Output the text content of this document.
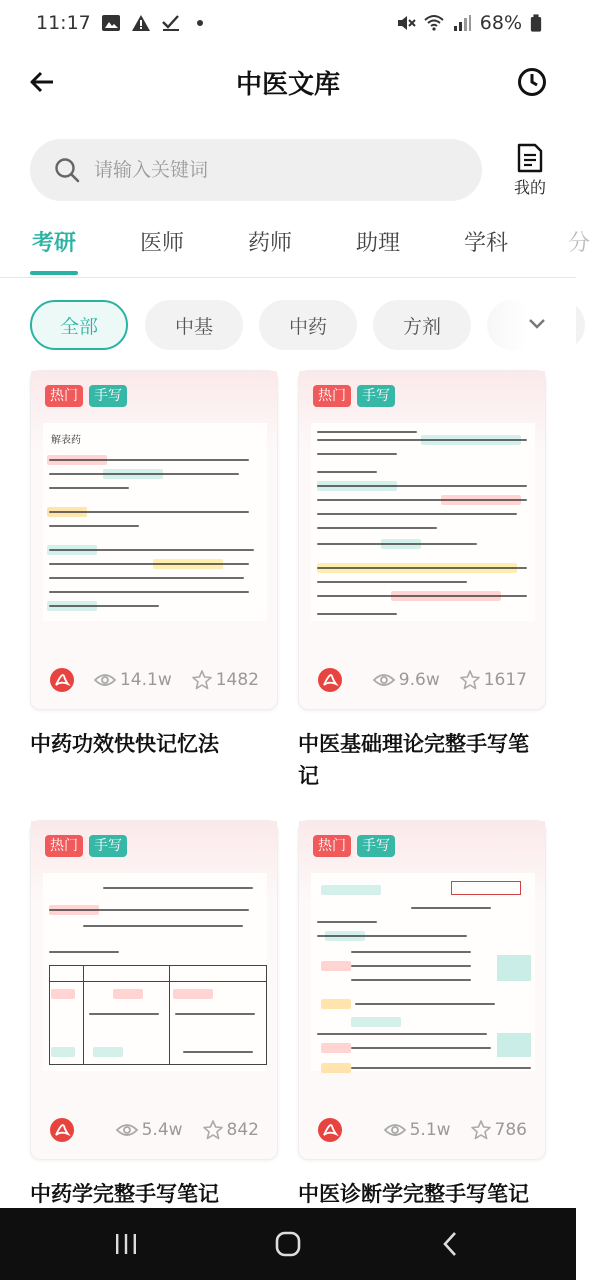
11:17	68%
中医文库
请输入关键词
我的
考研	医师	药师	助理	学科	分
全部	中基	中药	方剂
热门	手写
解表药
14.1w	1482
中药功效快快记忆法
热门	手写
9.6w	1617
中医基础理论完整手写笔记
热门	手写
5.4w	842
中药学完整手写笔记
热门	手写
5.1w	786
中医诊断学完整手写笔记
